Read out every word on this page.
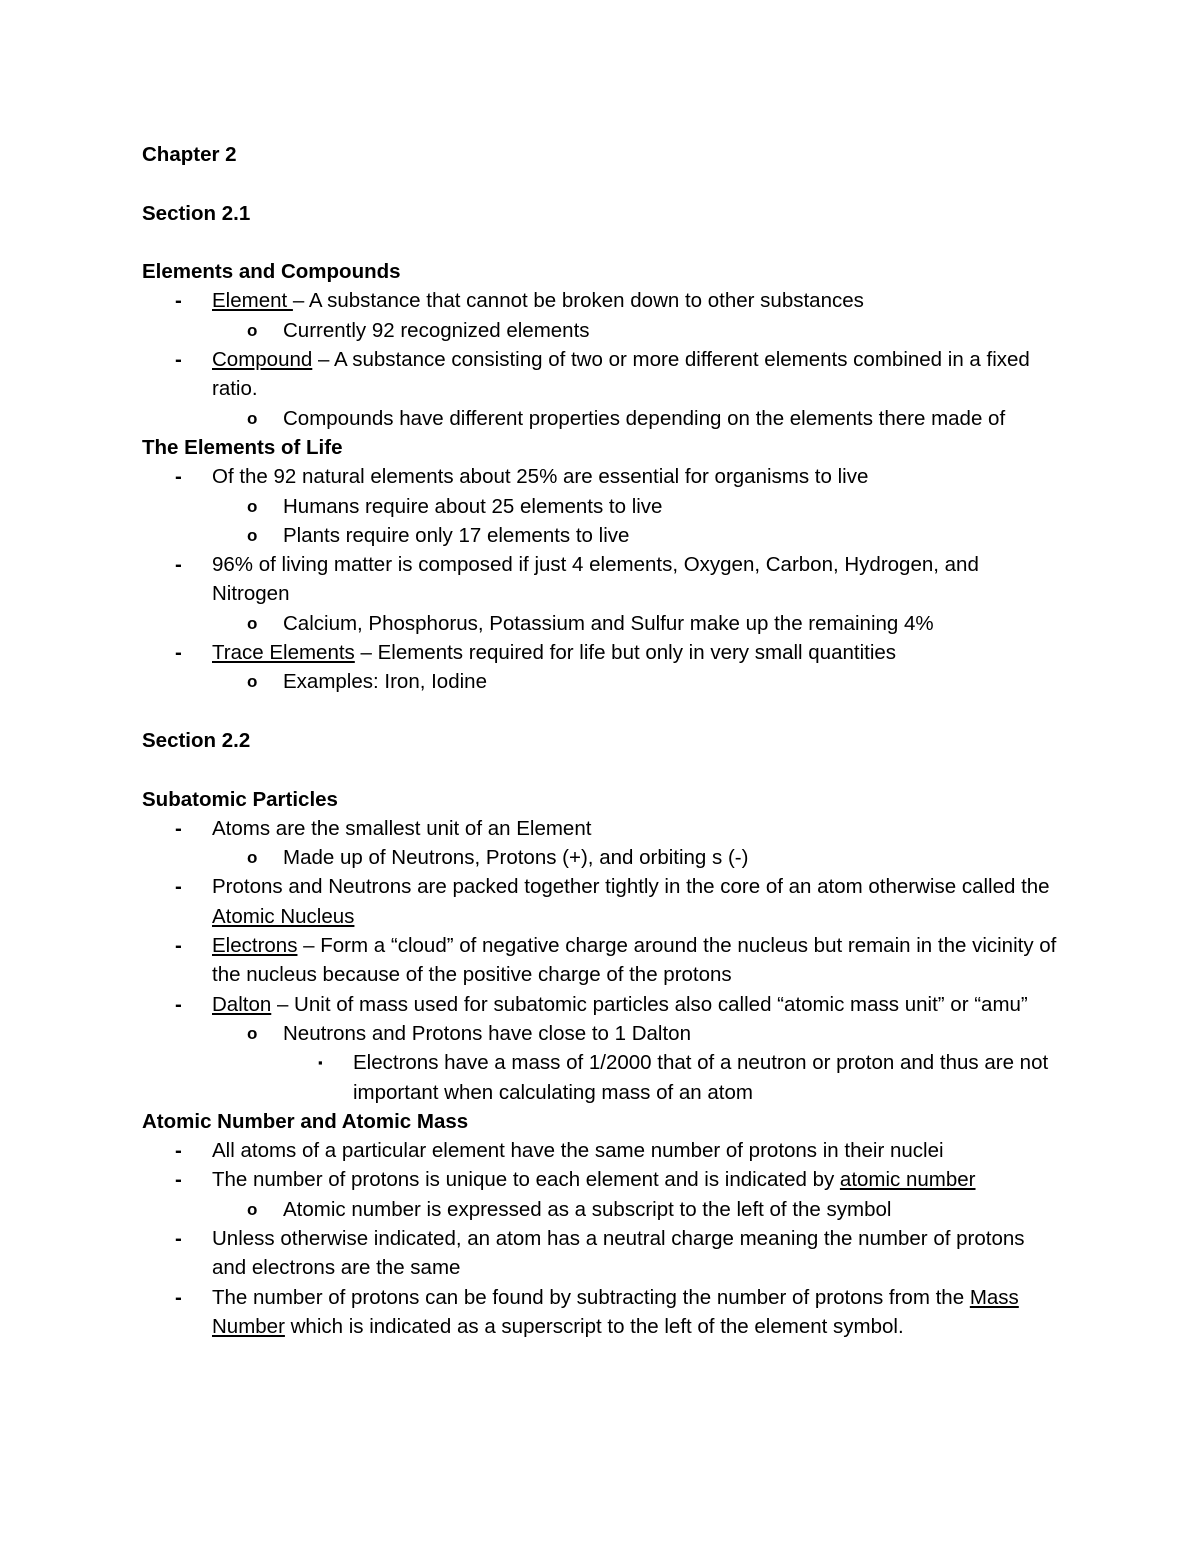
Chapter 2
Section 2.1
Elements and Compounds
- Element – A substance that cannot be broken down to other substances
o Currently 92 recognized elements
- Compound – A substance consisting of two or more different elements combined in a fixed ratio.
o Compounds have different properties depending on the elements there made of
The Elements of Life
- Of the 92 natural elements about 25% are essential for organisms to live
o Humans require about 25 elements to live
o Plants require only 17 elements to live
- 96% of living matter is composed if just 4 elements, Oxygen, Carbon, Hydrogen, and Nitrogen
o Calcium, Phosphorus, Potassium and Sulfur make up the remaining 4%
- Trace Elements – Elements required for life but only in very small quantities
o Examples: Iron, Iodine
Section 2.2
Subatomic Particles
- Atoms are the smallest unit of an Element
o Made up of Neutrons, Protons (+), and orbiting s (-)
- Protons and Neutrons are packed together tightly in the core of an atom otherwise called the Atomic Nucleus
- Electrons – Form a “cloud” of negative charge around the nucleus but remain in the vicinity of the nucleus because of the positive charge of the protons
- Dalton – Unit of mass used for subatomic particles also called “atomic mass unit” or “amu”
o Neutrons and Protons have close to 1 Dalton
▪ Electrons have a mass of 1/2000 that of a neutron or proton and thus are not important when calculating mass of an atom
Atomic Number and Atomic Mass
- All atoms of a particular element have the same number of protons in their nuclei
- The number of protons is unique to each element and is indicated by atomic number
o Atomic number is expressed as a subscript to the left of the symbol
- Unless otherwise indicated, an atom has a neutral charge meaning the number of protons and electrons are the same
- The number of protons can be found by subtracting the number of protons from the Mass Number which is indicated as a superscript to the left of the element symbol.
